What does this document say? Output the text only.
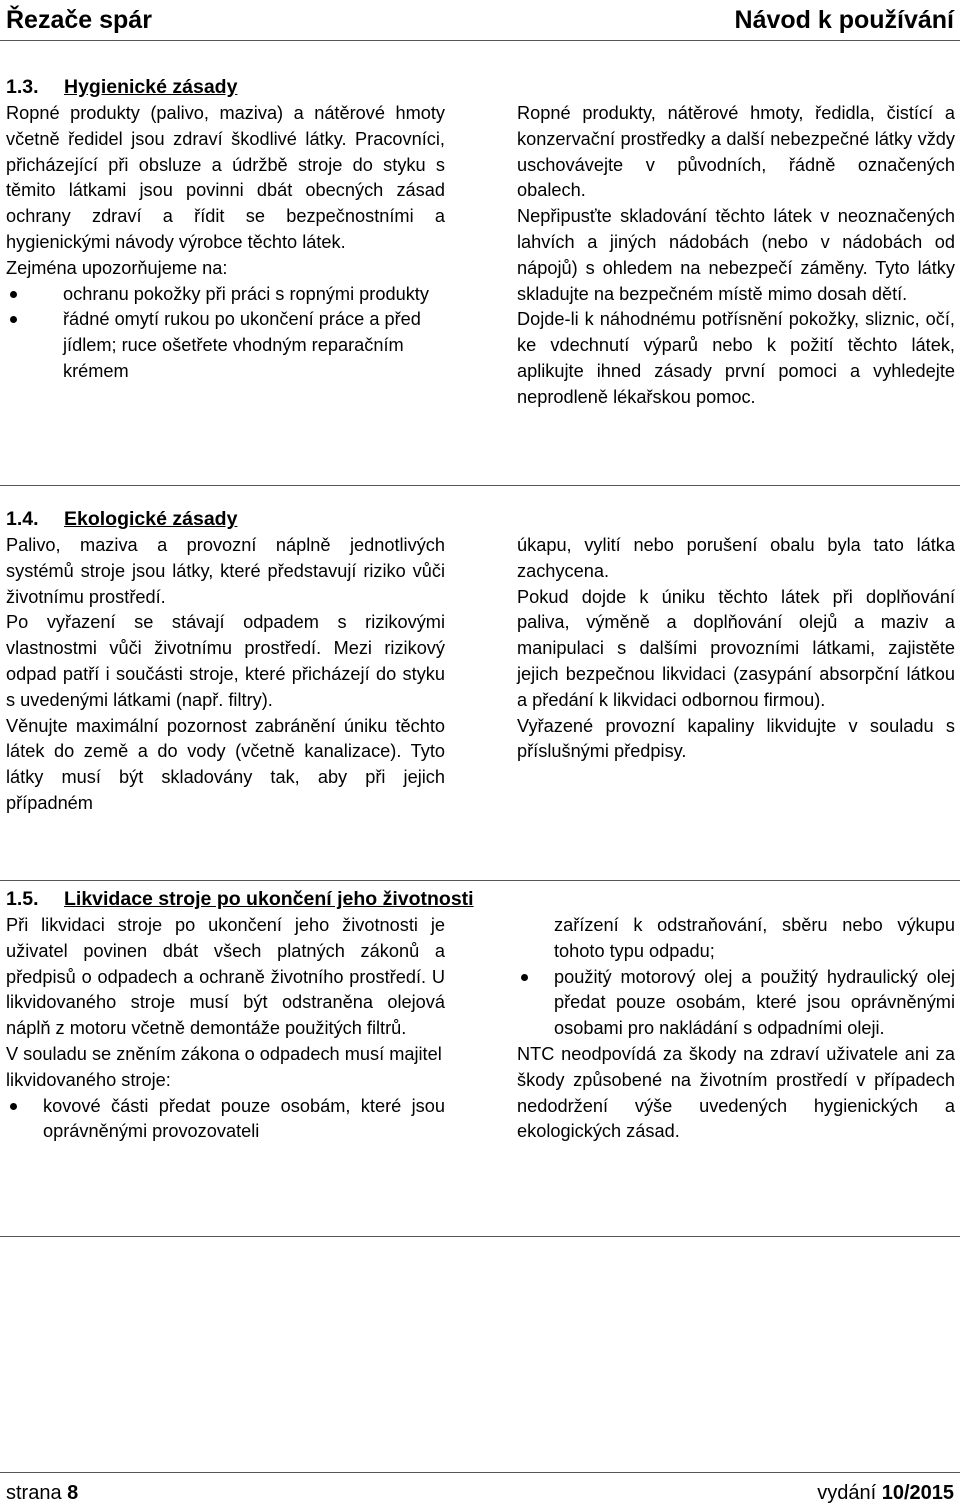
Řezače spár	Návod k používání
1.3. Hygienické zásady

Ropné produkty (palivo, maziva) a nátěrové hmoty včetně ředidel jsou zdraví škodlivé látky. Pracovníci, přicházející při obsluze a údržbě stroje do styku s těmito látkami jsou povinni dbát obecných zásad ochrany zdraví a řídit se bezpečnostními a hygienickými návody výrobce těchto látek.

Zejména upozorňujeme na:

ochranu pokožky při práci s ropnými produkty
řádné omytí rukou po ukončení práce a před jídlem; ruce ošetřete vhodným reparačním krémem

Ropné produkty, nátěrové hmoty, ředidla, čistící a konzervační prostředky a další nebezpečné látky vždy uschovávejte v původních, řádně označených obalech.

Nepřipusťte skladování těchto látek v neoznačených lahvích a jiných nádobách (nebo v nádobách od nápojů) s ohledem na nebezpečí záměny. Tyto látky skladujte na bezpečném místě mimo dosah dětí.

Dojde-li k náhodnému potřísnění pokožky, sliznic, očí, ke vdechnutí výparů nebo k požití těchto látek, aplikujte ihned zásady první pomoci a vyhledejte neprodleně lékařskou pomoc.

1.4. Ekologické zásady

Palivo, maziva a provozní náplně jednotlivých systémů stroje jsou látky, které představují riziko vůči životnímu prostředí.

Po vyřazení se stávají odpadem s rizikovými vlastnostmi vůči životnímu prostředí. Mezi rizikový odpad patří i součásti stroje, které přicházejí do styku s uvedenými látkami (např. filtry).

Věnujte maximální pozornost zabránění úniku těchto látek do země a do vody (včetně kanalizace). Tyto látky musí být skladovány tak, aby při jejich případném

úkapu, vylití nebo porušení obalu byla tato látka zachycena.

Pokud dojde k úniku těchto látek při doplňování paliva, výměně a doplňování olejů a maziv a manipulaci s dalšími provozními látkami, zajistěte jejich bezpečnou likvidaci (zasypání absorpční látkou a předání k likvidaci odbornou firmou).

Vyřazené provozní kapaliny likvidujte v souladu s příslušnými předpisy.

1.5. Likvidace stroje po ukončení jeho životnosti

Při likvidaci stroje po ukončení jeho životnosti je uživatel povinen dbát všech platných zákonů a předpisů o odpadech a ochraně životního prostředí. U likvidovaného stroje musí být odstraněna olejová náplň z motoru včetně demontáže použitých filtrů.

V souladu se zněním zákona o odpadech musí majitel likvidovaného stroje:

kovové části předat pouze osobám, které jsou oprávněnými provozovateli

zařízení k odstraňování, sběru nebo výkupu tohoto typu odpadu;

použitý motorový olej a použitý hydraulický olej předat pouze osobám, které jsou oprávněnými osobami pro nakládání s odpadními oleji.

NTC neodpovídá za škody na zdraví uživatele ani za škody způsobené na životním prostředí v případech nedodržení výše uvedených hygienických a ekologických zásad.

strana 8	vydání 10/2015
